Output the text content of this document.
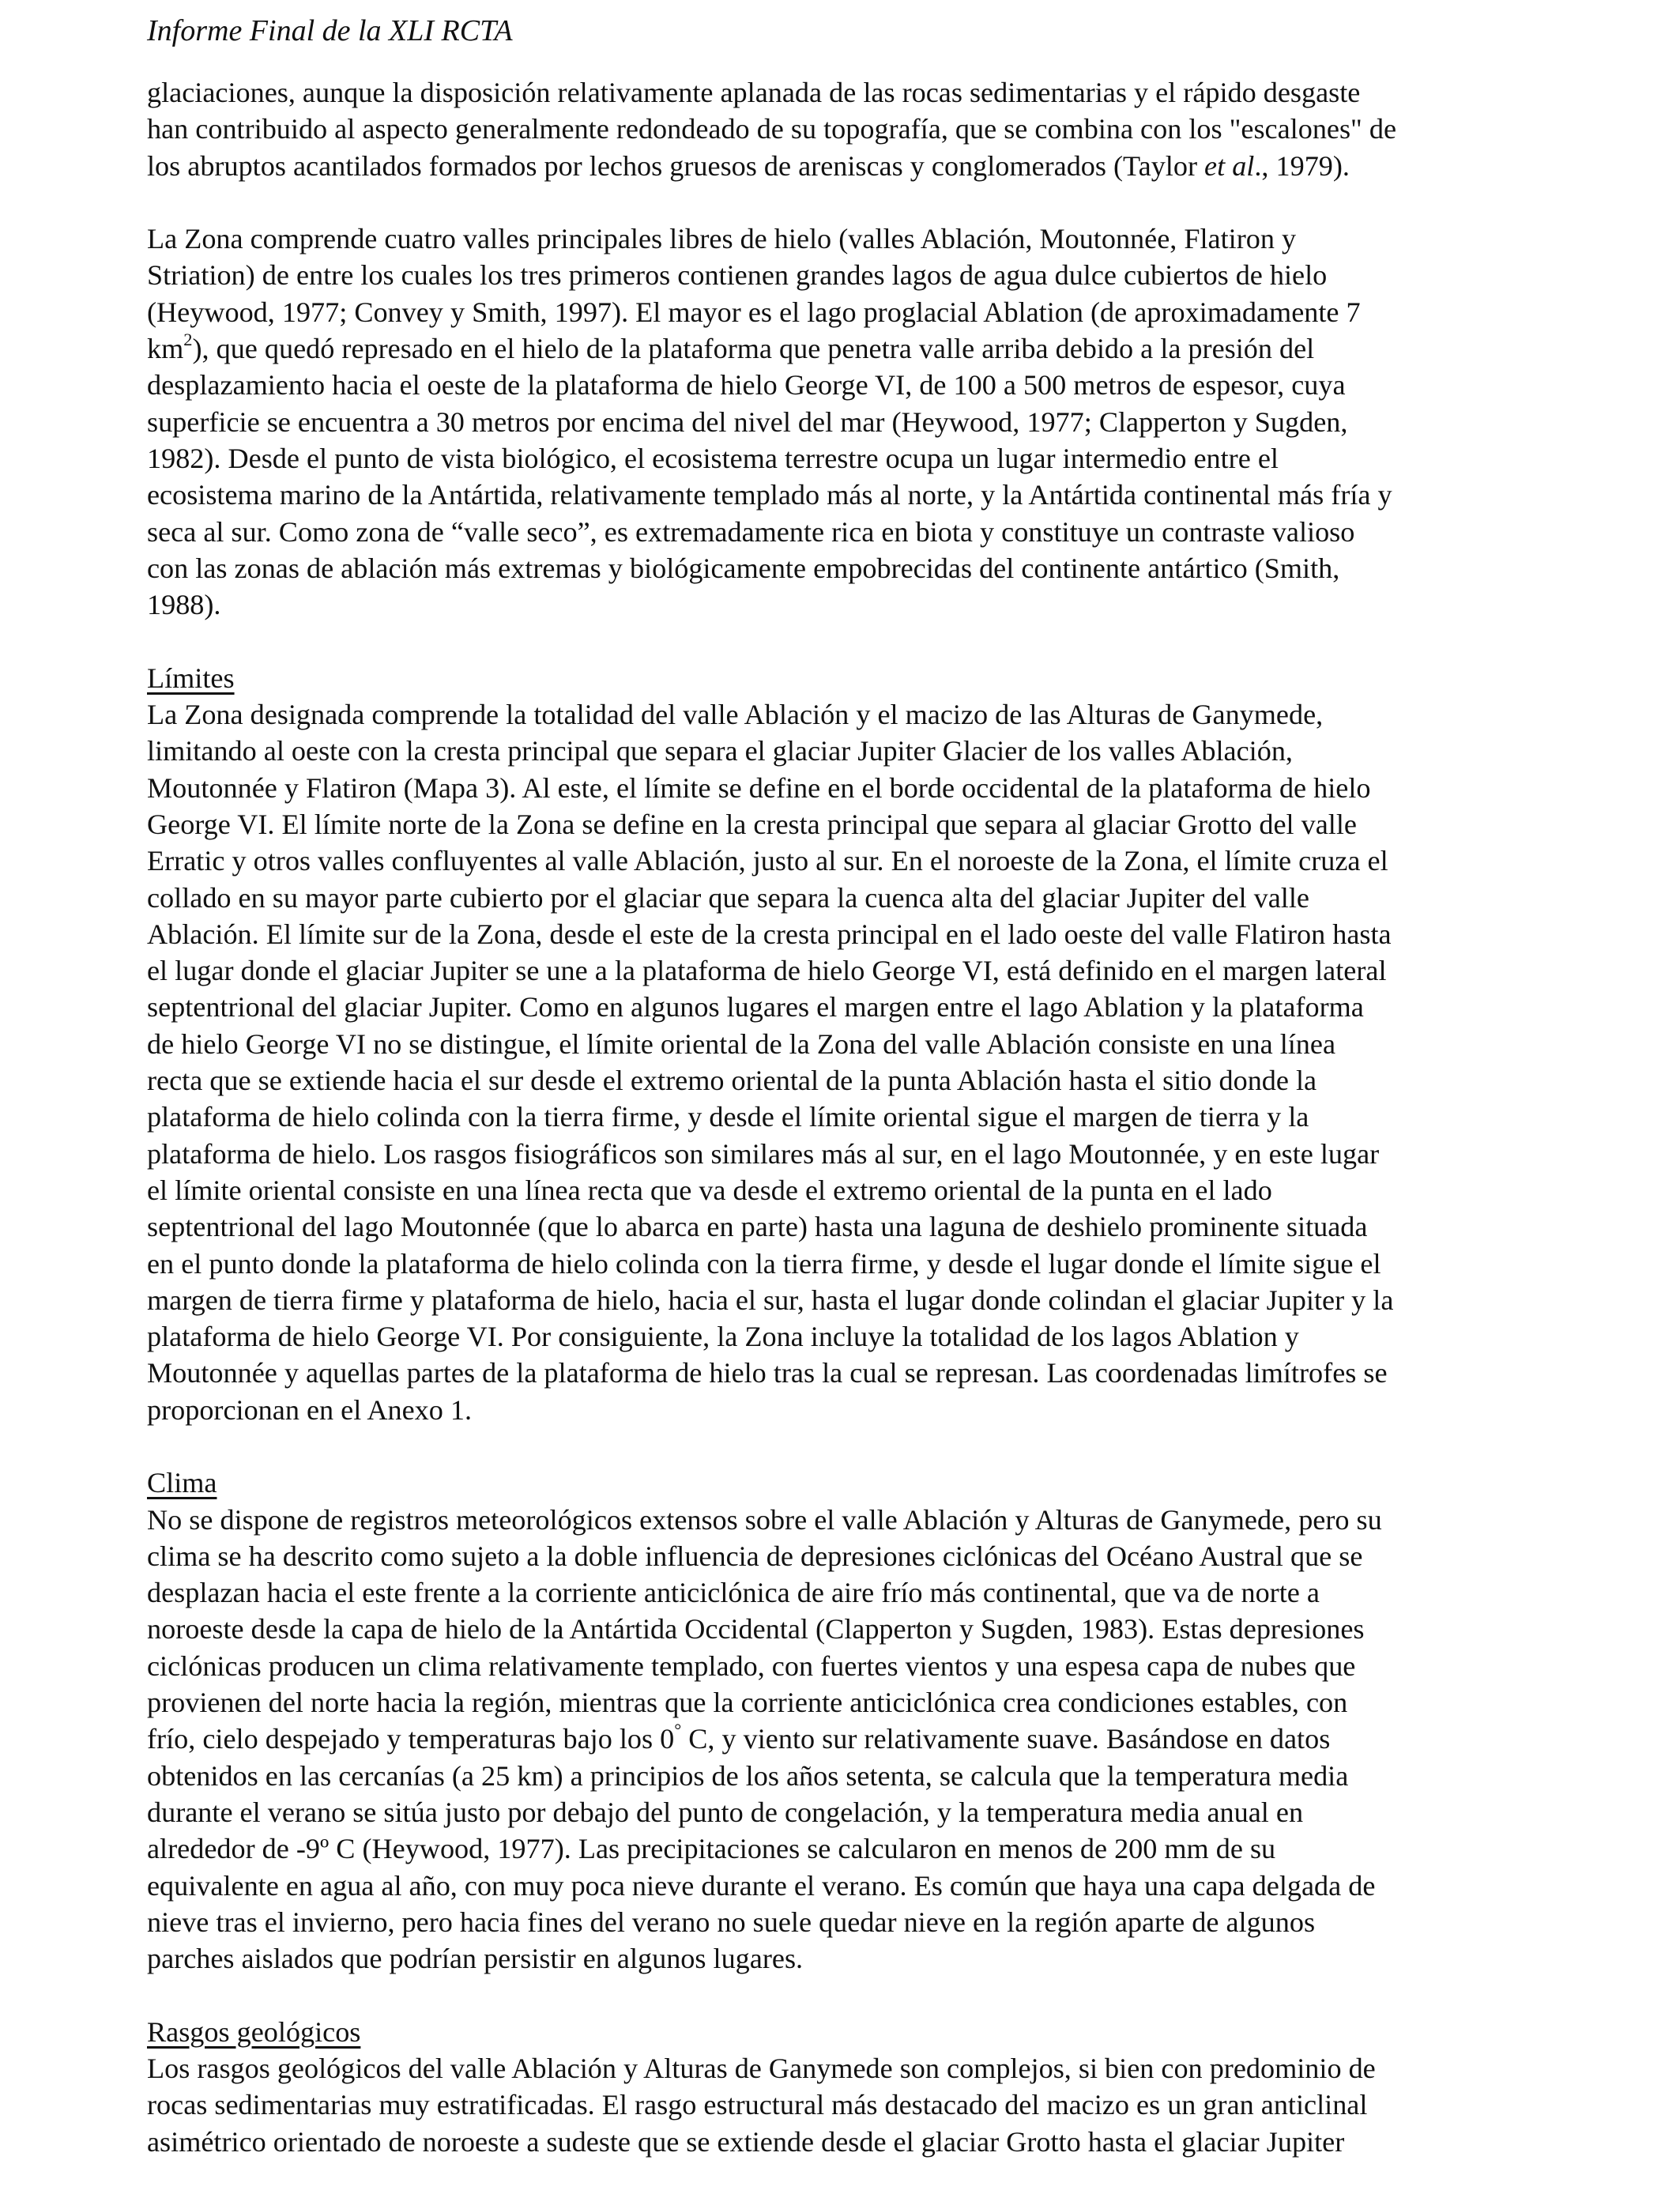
Informe Final de la XLI RCTA

glaciaciones, aunque la disposición relativamente aplanada de las rocas sedimentarias y el rápido desgaste
han contribuido al aspecto generalmente redondeado de su topografía, que se combina con los "escalones" de
los abruptos acantilados formados por lechos gruesos de areniscas y conglomerados (Taylor et al., 1979).

La Zona comprende cuatro valles principales libres de hielo (valles Ablación, Moutonnée, Flatiron y
Striation) de entre los cuales los tres primeros contienen grandes lagos de agua dulce cubiertos de hielo
(Heywood, 1977; Convey y Smith, 1997). El mayor es el lago proglacial Ablation (de aproximadamente 7
$km^2$), que quedó represado en el hielo de la plataforma que penetra valle arriba debido a la presión del
desplazamiento hacia el oeste de la plataforma de hielo George VI, de 100 a 500 metros de espesor, cuya
superficie se encuentra a 30 metros por encima del nivel del mar (Heywood, 1977; Clapperton y Sugden,
1982). Desde el punto de vista biológico, el ecosistema terrestre ocupa un lugar intermedio entre el
ecosistema marino de la Antártida, relativamente templado más al norte, y la Antártida continental más fría y
seca al sur. Como zona de “valle seco”, es extremadamente rica en biota y constituye un contraste valioso
con las zonas de ablación más extremas y biológicamente empobrecidas del continente antártico (Smith,
1988).

Límites
La Zona designada comprende la totalidad del valle Ablación y el macizo de las Alturas de Ganymede,
limitando al oeste con la cresta principal que separa el glaciar Jupiter Glacier de los valles Ablación,
Moutonnée y Flatiron (Mapa 3). Al este, el límite se define en el borde occidental de la plataforma de hielo
George VI. El límite norte de la Zona se define en la cresta principal que separa al glaciar Grotto del valle
Erratic y otros valles confluyentes al valle Ablación, justo al sur. En el noroeste de la Zona, el límite cruza el
collado en su mayor parte cubierto por el glaciar que separa la cuenca alta del glaciar Jupiter del valle
Ablación. El límite sur de la Zona, desde el este de la cresta principal en el lado oeste del valle Flatiron hasta
el lugar donde el glaciar Jupiter se une a la plataforma de hielo George VI, está definido en el margen lateral
septentrional del glaciar Jupiter. Como en algunos lugares el margen entre el lago Ablation y la plataforma
de hielo George VI no se distingue, el límite oriental de la Zona del valle Ablación consiste en una línea
recta que se extiende hacia el sur desde el extremo oriental de la punta Ablación hasta el sitio donde la
plataforma de hielo colinda con la tierra firme, y desde el límite oriental sigue el margen de tierra y la
plataforma de hielo. Los rasgos fisiográficos son similares más al sur, en el lago Moutonnée, y en este lugar
el límite oriental consiste en una línea recta que va desde el extremo oriental de la punta en el lado
septentrional del lago Moutonnée (que lo abarca en parte) hasta una laguna de deshielo prominente situada
en el punto donde la plataforma de hielo colinda con la tierra firme, y desde el lugar donde el límite sigue el
margen de tierra firme y plataforma de hielo, hacia el sur, hasta el lugar donde colindan el glaciar Jupiter y la
plataforma de hielo George VI. Por consiguiente, la Zona incluye la totalidad de los lagos Ablation y
Moutonnée y aquellas partes de la plataforma de hielo tras la cual se represan. Las coordenadas limítrofes se
proporcionan en el Anexo 1.
Clima
No se dispone de registros meteorológicos extensos sobre el valle Ablación y Alturas de Ganymede, pero su
clima se ha descrito como sujeto a la doble influencia de depresiones ciclónicas del Océano Austral que se
desplazan hacia el este frente a la corriente anticiclónica de aire frío más continental, que va de norte a
noroeste desde la capa de hielo de la Antártida Occidental (Clapperton y Sugden, 1983). Estas depresiones
ciclónicas producen un clima relativamente templado, con fuertes vientos y una espesa capa de nubes que
provienen del norte hacia la región, mientras que la corriente anticiclónica crea condiciones estables, con
frío, cielo despejado y temperaturas bajo los 0° C, y viento sur relativamente suave. Basándose en datos
obtenidos en las cercanías (a 25 km) a principios de los años setenta, se calcula que la temperatura media
durante el verano se sitúa justo por debajo del punto de congelación, y la temperatura media anual en
alrededor de -9º C (Heywood, 1977). Las precipitaciones se calcularon en menos de 200 mm de su
equivalente en agua al año, con muy poca nieve durante el verano. Es común que haya una capa delgada de
nieve tras el invierno, pero hacia fines del verano no suele quedar nieve en la región aparte de algunos
parches aislados que podrían persistir en algunos lugares.
Rasgos geológicos
Los rasgos geológicos del valle Ablación y Alturas de Ganymede son complejos, si bien con predominio de
rocas sedimentarias muy estratificadas. El rasgo estructural más destacado del macizo es un gran anticlinal
asimétrico orientado de noroeste a sudeste que se extiende desde el glaciar Grotto hasta el glaciar Jupiter
